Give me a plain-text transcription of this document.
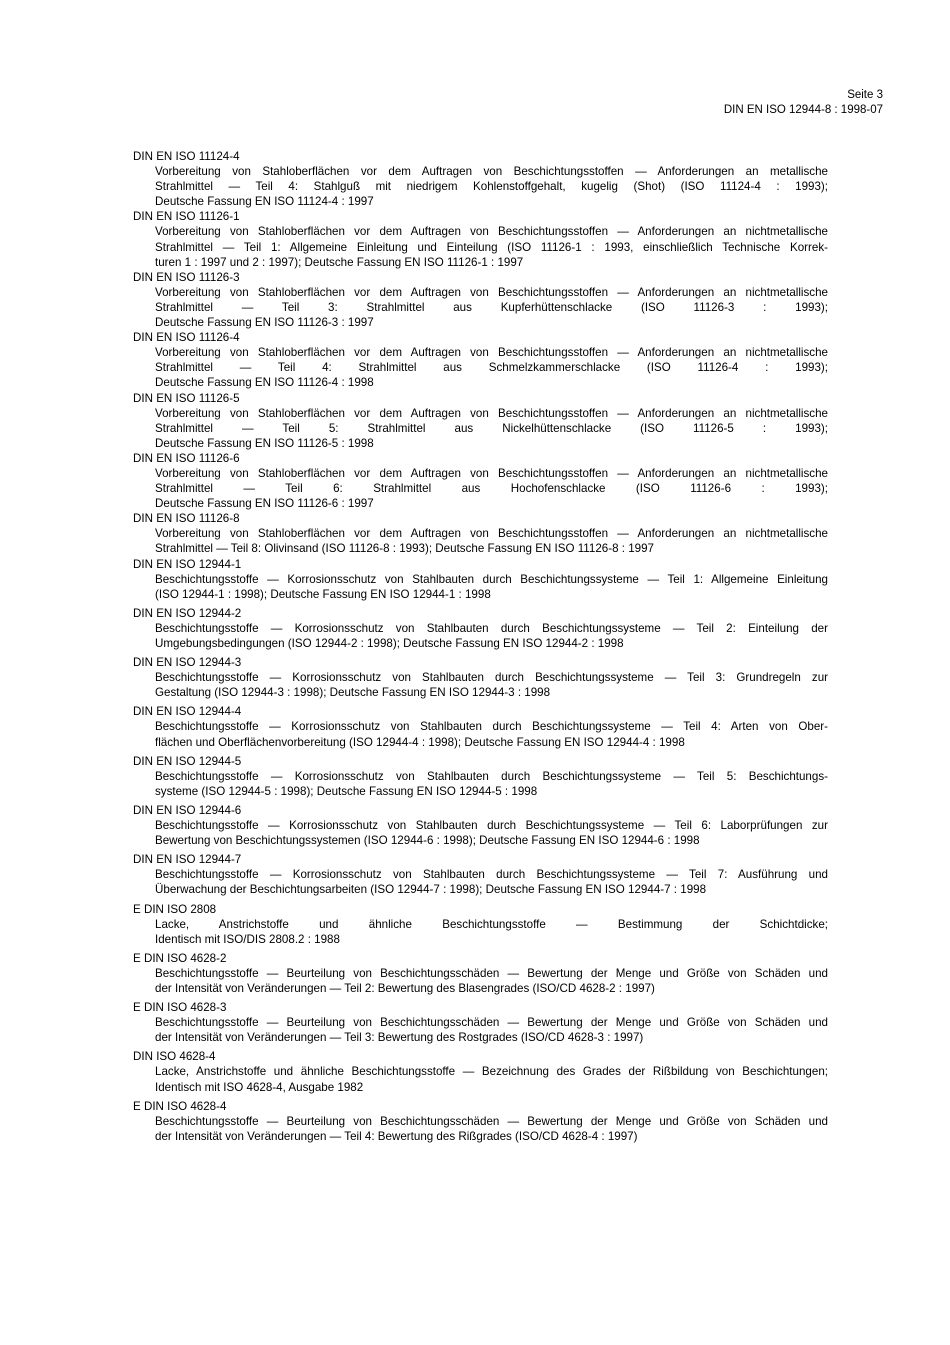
Seite 3
DIN EN ISO 12944-8 : 1998-07
DIN EN ISO 11124-4

Vorbereitung von Stahloberflächen vor dem Auftragen von Beschichtungsstoffen — Anforderungen an metallische

Strahlmittel — Teil 4: Stahlguß mit niedrigem Kohlenstoffgehalt, kugelig (Shot) (ISO 11124-4 : 1993);

Deutsche Fassung EN ISO 11124-4 : 1997

DIN EN ISO 11126-1

Vorbereitung von Stahloberflächen vor dem Auftragen von Beschichtungsstoffen — Anforderungen an nichtmetallische

Strahlmittel — Teil 1: Allgemeine Einleitung und Einteilung (ISO 11126-1 : 1993, einschließlich Technische Korrek-

turen 1 : 1997 und 2 : 1997); Deutsche Fassung EN ISO 11126-1 : 1997

DIN EN ISO 11126-3

Vorbereitung von Stahloberflächen vor dem Auftragen von Beschichtungsstoffen — Anforderungen an nichtmetallische

Strahlmittel — Teil 3: Strahlmittel aus Kupferhüttenschlacke (ISO 11126-3 : 1993);

Deutsche Fassung EN ISO 11126-3 : 1997

DIN EN ISO 11126-4

Vorbereitung von Stahloberflächen vor dem Auftragen von Beschichtungsstoffen — Anforderungen an nichtmetallische

Strahlmittel — Teil 4: Strahlmittel aus Schmelzkammerschlacke (ISO 11126-4 : 1993);

Deutsche Fassung EN ISO 11126-4 : 1998

DIN EN ISO 11126-5

Vorbereitung von Stahloberflächen vor dem Auftragen von Beschichtungsstoffen — Anforderungen an nichtmetallische

Strahlmittel — Teil 5: Strahlmittel aus Nickelhüttenschlacke (ISO 11126-5 : 1993);

Deutsche Fassung EN ISO 11126-5 : 1998

DIN EN ISO 11126-6

Vorbereitung von Stahloberflächen vor dem Auftragen von Beschichtungsstoffen — Anforderungen an nichtmetallische

Strahlmittel — Teil 6: Strahlmittel aus Hochofenschlacke (ISO 11126-6 : 1993);

Deutsche Fassung EN ISO 11126-6 : 1997

DIN EN ISO 11126-8

Vorbereitung von Stahloberflächen vor dem Auftragen von Beschichtungsstoffen — Anforderungen an nichtmetallische

Strahlmittel — Teil 8: Olivinsand (ISO 11126-8 : 1993); Deutsche Fassung EN ISO 11126-8 : 1997

DIN EN ISO 12944-1

Beschichtungsstoffe — Korrosionsschutz von Stahlbauten durch Beschichtungssysteme — Teil 1: Allgemeine Einleitung

(ISO 12944-1 : 1998); Deutsche Fassung EN ISO 12944-1 : 1998

DIN EN ISO 12944-2

Beschichtungsstoffe — Korrosionsschutz von Stahlbauten durch Beschichtungssysteme — Teil 2: Einteilung der

Umgebungsbedingungen (ISO 12944-2 : 1998); Deutsche Fassung EN ISO 12944-2 : 1998

DIN EN ISO 12944-3

Beschichtungsstoffe — Korrosionsschutz von Stahlbauten durch Beschichtungssysteme — Teil 3: Grundregeln zur

Gestaltung (ISO 12944-3 : 1998); Deutsche Fassung EN ISO 12944-3 : 1998

DIN EN ISO 12944-4

Beschichtungsstoffe — Korrosionsschutz von Stahlbauten durch Beschichtungssysteme — Teil 4: Arten von Ober-

flächen und Oberflächenvorbereitung (ISO 12944-4 : 1998); Deutsche Fassung EN ISO 12944-4 : 1998

DIN EN ISO 12944-5

Beschichtungsstoffe — Korrosionsschutz von Stahlbauten durch Beschichtungssysteme — Teil 5: Beschichtungs-

systeme (ISO 12944-5 : 1998); Deutsche Fassung EN ISO 12944-5 : 1998

DIN EN ISO 12944-6

Beschichtungsstoffe — Korrosionsschutz von Stahlbauten durch Beschichtungssysteme — Teil 6: Laborprüfungen zur

Bewertung von Beschichtungssystemen (ISO 12944-6 : 1998); Deutsche Fassung EN ISO 12944-6 : 1998

DIN EN ISO 12944-7

Beschichtungsstoffe — Korrosionsschutz von Stahlbauten durch Beschichtungssysteme — Teil 7: Ausführung und

Überwachung der Beschichtungsarbeiten (ISO 12944-7 : 1998); Deutsche Fassung EN ISO 12944-7 : 1998

E DIN ISO 2808

Lacke, Anstrichstoffe und ähnliche Beschichtungsstoffe — Bestimmung der Schichtdicke;

Identisch mit ISO/DIS 2808.2 : 1988

E DIN ISO 4628-2

Beschichtungsstoffe — Beurteilung von Beschichtungsschäden — Bewertung der Menge und Größe von Schäden und

der Intensität von Veränderungen — Teil 2: Bewertung des Blasengrades (ISO/CD 4628-2 : 1997)

E DIN ISO 4628-3

Beschichtungsstoffe — Beurteilung von Beschichtungsschäden — Bewertung der Menge und Größe von Schäden und

der Intensität von Veränderungen — Teil 3: Bewertung des Rostgrades (ISO/CD 4628-3 : 1997)

DIN ISO 4628-4

Lacke, Anstrichstoffe und ähnliche Beschichtungsstoffe — Bezeichnung des Grades der Rißbildung von Beschichtungen;

Identisch mit ISO 4628-4, Ausgabe 1982

E DIN ISO 4628-4

Beschichtungsstoffe — Beurteilung von Beschichtungsschäden — Bewertung der Menge und Größe von Schäden und

der Intensität von Veränderungen — Teil 4: Bewertung des Rißgrades (ISO/CD 4628-4 : 1997)
